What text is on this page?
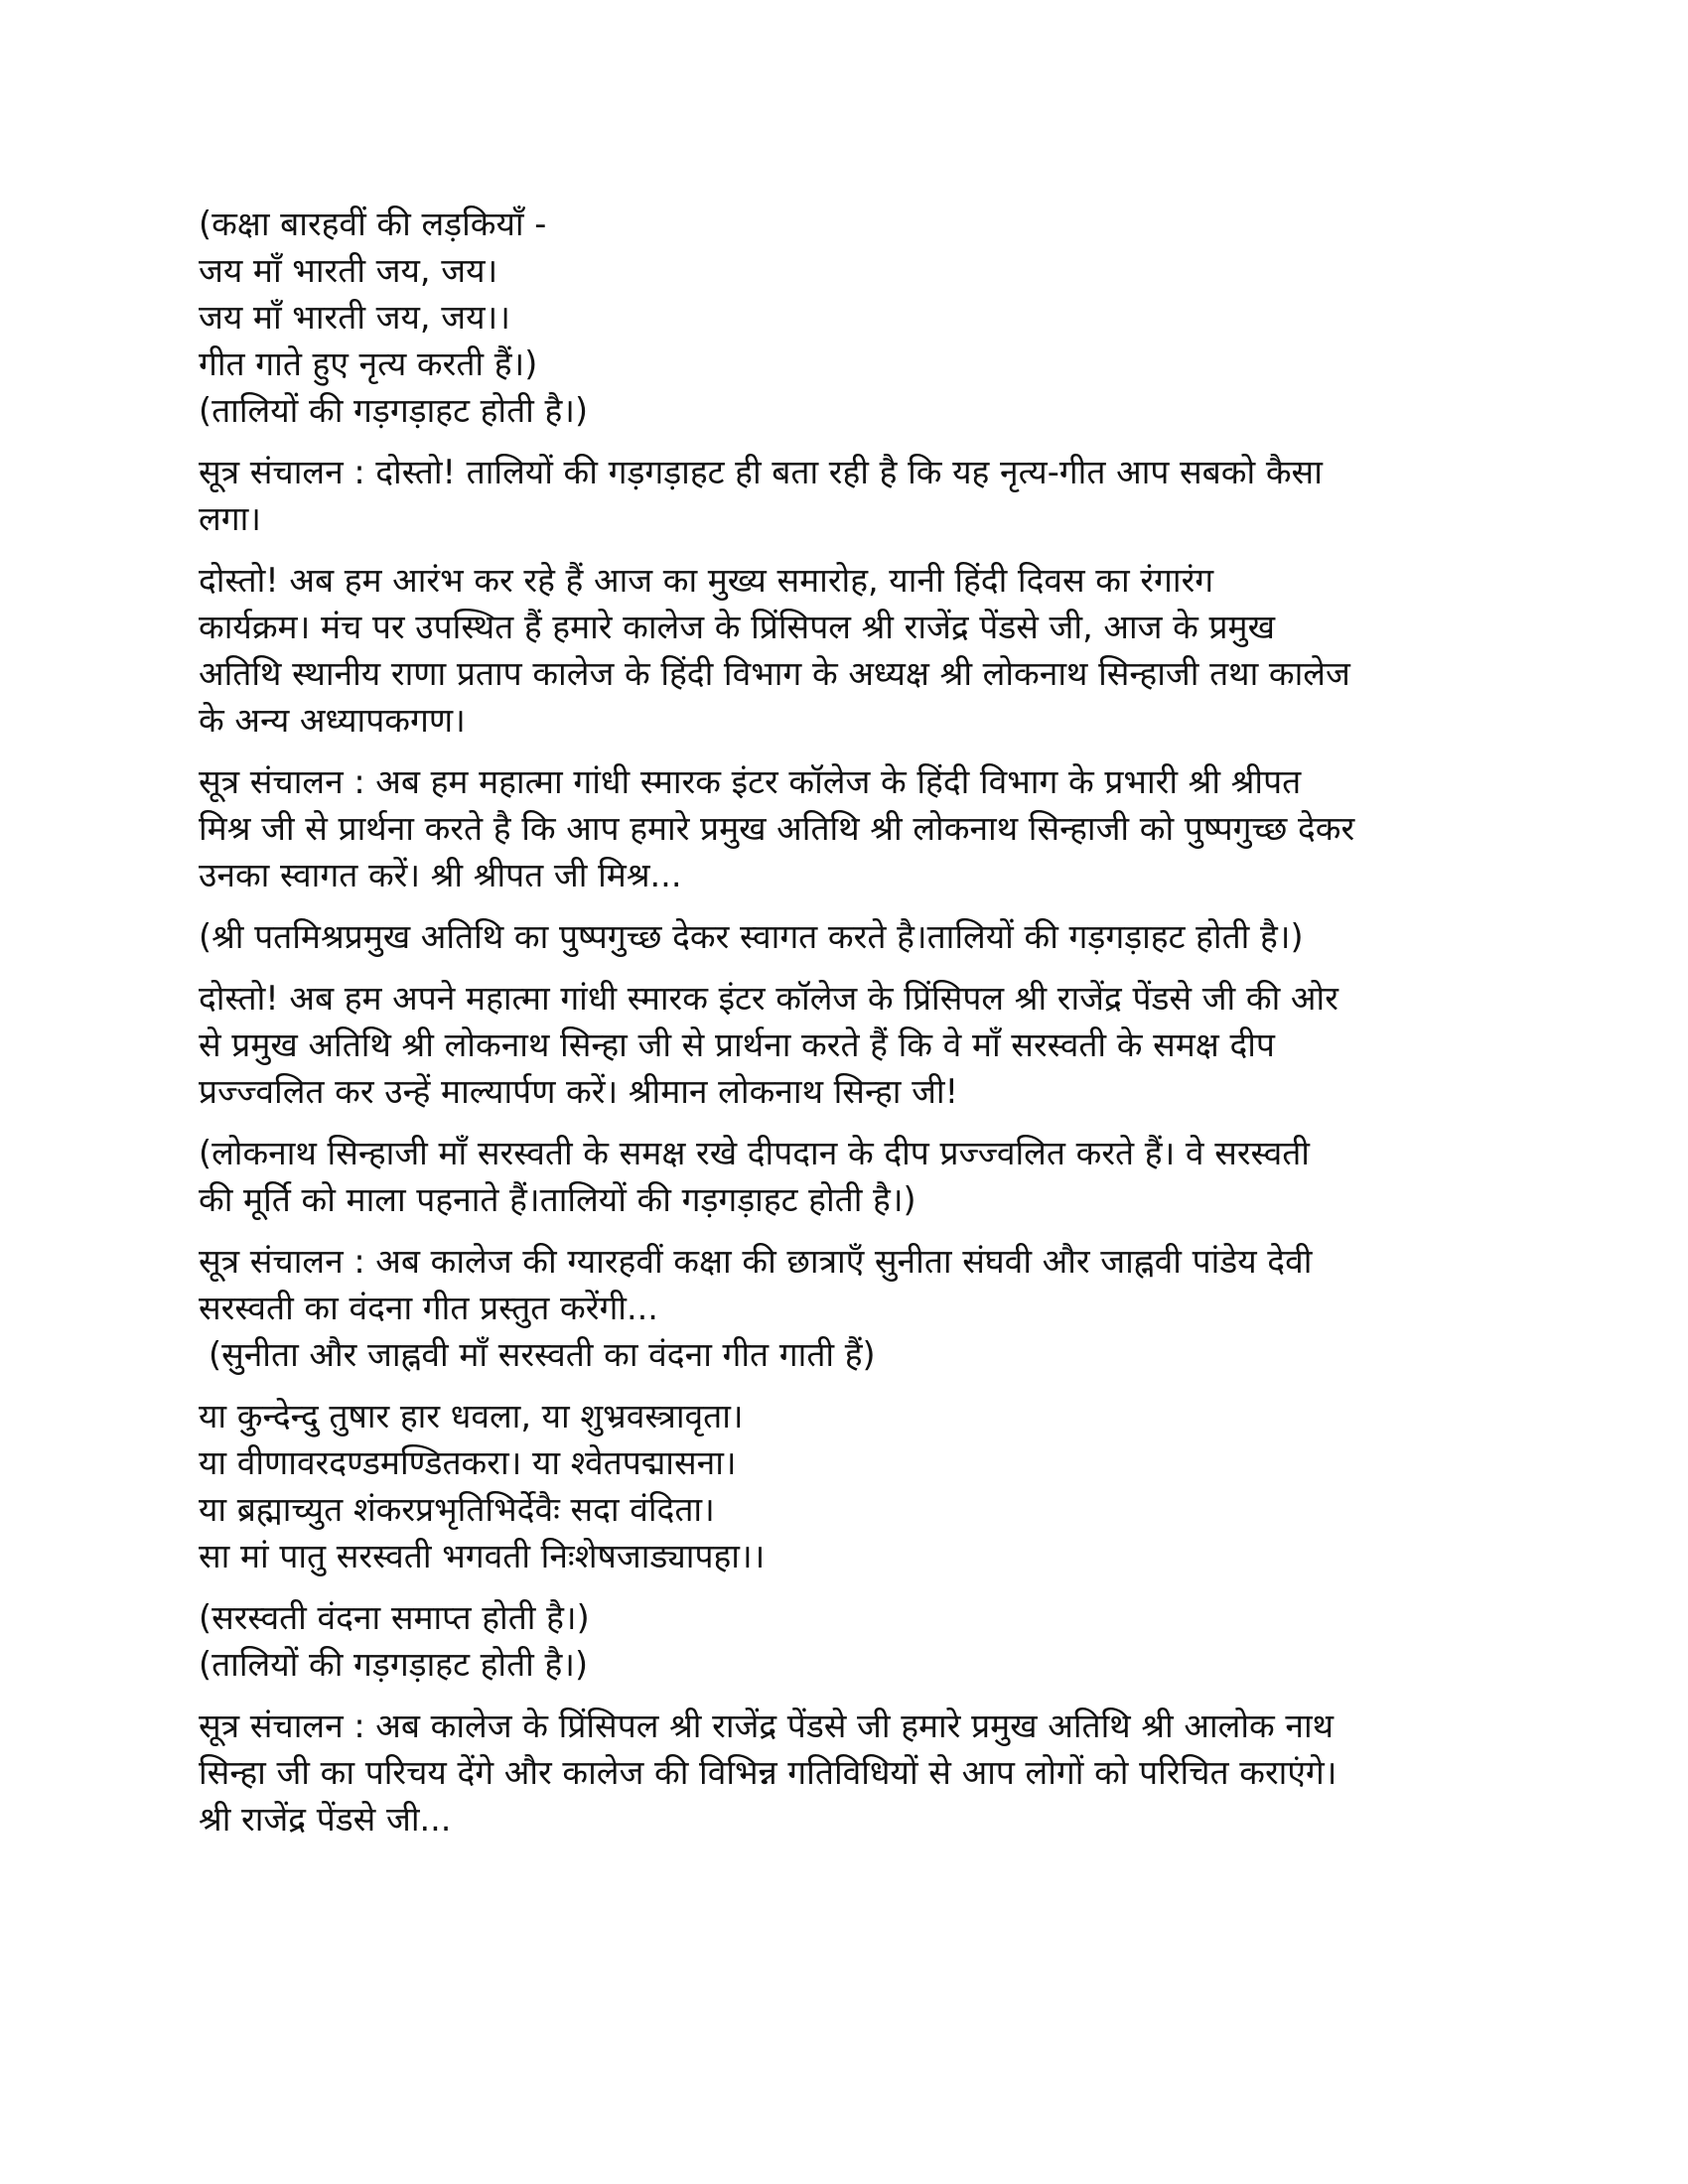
(कक्षा बारहवीं की लड़कियाँ -
जय माँ भारती जय, जय।
जय माँ भारती जय, जय।।
गीत गाते हुए नृत्य करती हैं।)
(तालियों की गड़गड़ाहट होती है।)
सूत्र संचालन : दोस्तो! तालियों की गड़गड़ाहट ही बता रही है कि यह नृत्य-गीत आप सबको कैसा
लगा।
दोस्तो! अब हम आरंभ कर रहे हैं आज का मुख्य समारोह, यानी हिंदी दिवस का रंगारंग
कार्यक्रम। मंच पर उपस्थित हैं हमारे कालेज के प्रिंसिपल श्री राजेंद्र पेंडसे जी, आज के प्रमुख
अतिथि स्थानीय राणा प्रताप कालेज के हिंदी विभाग के अध्यक्ष श्री लोकनाथ सिन्हाजी तथा कालेज
के अन्य अध्यापकगण।
सूत्र संचालन : अब हम महात्मा गांधी स्मारक इंटर कॉलेज के हिंदी विभाग के प्रभारी श्री श्रीपत
मिश्र जी से प्रार्थना करते है कि आप हमारे प्रमुख अतिथि श्री लोकनाथ सिन्हाजी को पुष्पगुच्छ देकर
उनका स्वागत करें। श्री श्रीपत जी मिश्र...
(श्री पतमिश्रप्रमुख अतिथि का पुष्पगुच्छ देकर स्वागत करते है।तालियों की गड़गड़ाहट होती है।)
दोस्तो! अब हम अपने महात्मा गांधी स्मारक इंटर कॉलेज के प्रिंसिपल श्री राजेंद्र पेंडसे जी की ओर
से प्रमुख अतिथि श्री लोकनाथ सिन्हा जी से प्रार्थना करते हैं कि वे माँ सरस्वती के समक्ष दीप
प्रज्ज्वलित कर उन्हें माल्यार्पण करें। श्रीमान लोकनाथ सिन्हा जी!
(लोकनाथ सिन्हाजी माँ सरस्वती के समक्ष रखे दीपदान के दीप प्रज्ज्वलित करते हैं। वे सरस्वती
की मूर्ति को माला पहनाते हैं।तालियों की गड़गड़ाहट होती है।)
सूत्र संचालन : अब कालेज की ग्यारहवीं कक्षा की छात्राएँ सुनीता संघवी और जाह्नवी पांडेय देवी
सरस्वती का वंदना गीत प्रस्तुत करेंगी...
(सुनीता और जाह्नवी माँ सरस्वती का वंदना गीत गाती हैं)
या कुन्देन्दु तुषार हार धवला, या शुभ्रवस्त्रावृता।
या वीणावरदण्डमण्डितकरा। या श्वेतपद्मासना।
या ब्रह्माच्युत शंकरप्रभृतिभिर्देवैः सदा वंदिता।
सा मां पातु सरस्वती भगवती निःशेषजाड्यापहा।।
(सरस्वती वंदना समाप्त होती है।)
(तालियों की गड़गड़ाहट होती है।)
सूत्र संचालन : अब कालेज के प्रिंसिपल श्री राजेंद्र पेंडसे जी हमारे प्रमुख अतिथि श्री आलोक नाथ
सिन्हा जी का परिचय देंगे और कालेज की विभिन्न गतिविधियों से आप लोगों को परिचित कराएंगे।
श्री राजेंद्र पेंडसे जी...
